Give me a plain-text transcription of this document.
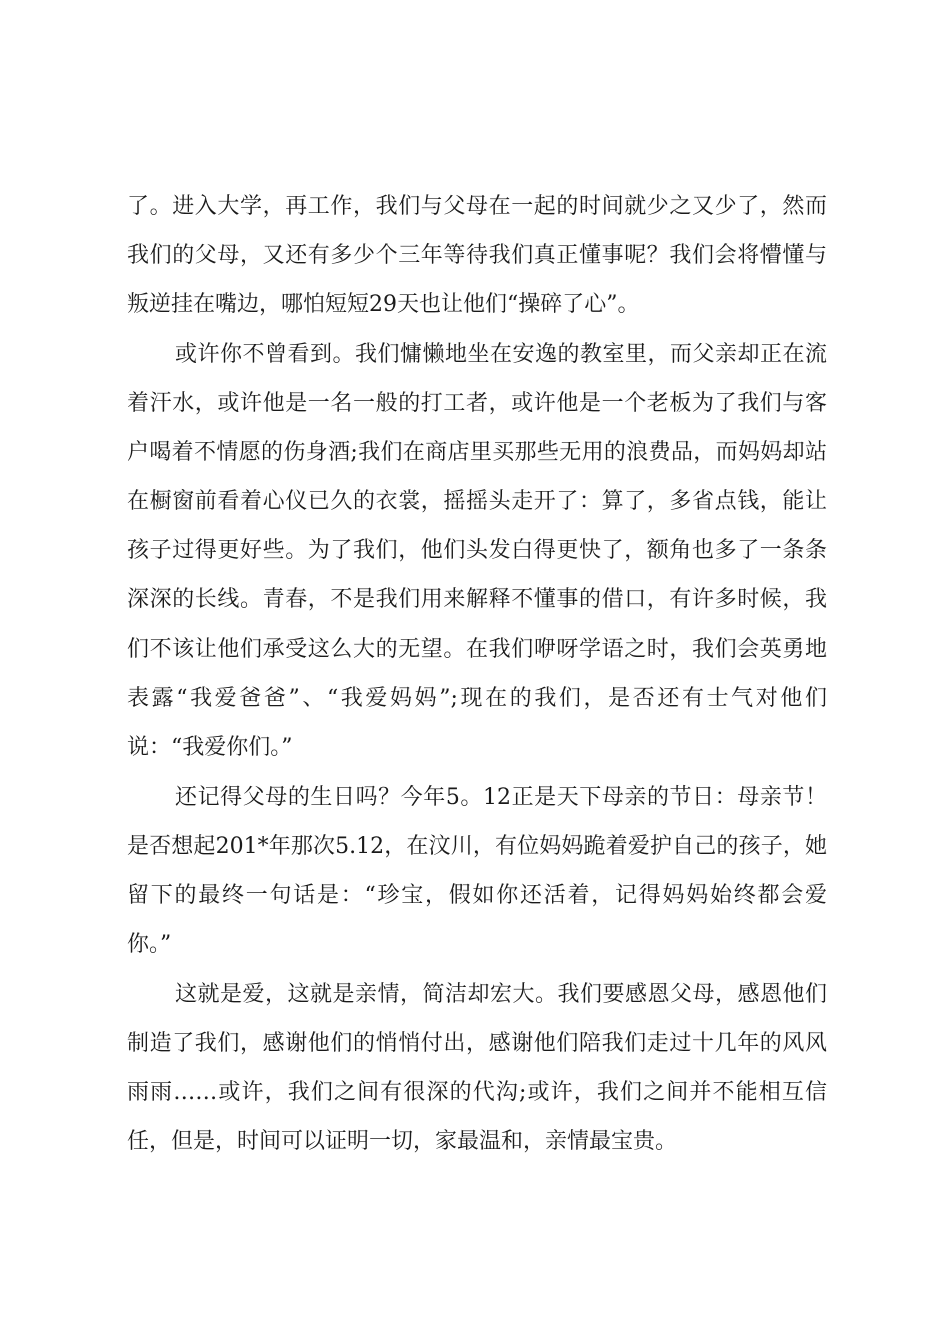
了。进入大学，再工作，我们与父母在一起的时间就少之又少了，然而
我们的父母，又还有多少个三年等待我们真正懂事呢？我们会将懵懂与
叛逆挂在嘴边，哪怕短短29天也让他们“操碎了心”。
或许你不曾看到。我们慵懒地坐在安逸的教室里，而父亲却正在流
着汗水，或许他是一名一般的打工者，或许他是一个老板为了我们与客
户喝着不情愿的伤身酒;我们在商店里买那些无用的浪费品，而妈妈却站
在橱窗前看着心仪已久的衣裳，摇摇头走开了：算了，多省点钱，能让
孩子过得更好些。为了我们，他们头发白得更快了，额角也多了一条条
深深的长线。青春，不是我们用来解释不懂事的借口，有许多时候，我
们不该让他们承受这么大的无望。在我们咿呀学语之时，我们会英勇地
表露“我爱爸爸”、“我爱妈妈”;现在的我们，是否还有士气对他们
说：“我爱你们。”
还记得父母的生日吗？今年5。12正是天下母亲的节日：母亲节！
是否想起201*年那次5.12，在汶川，有位妈妈跪着爱护自己的孩子，她
留下的最终一句话是：“珍宝，假如你还活着，记得妈妈始终都会爱
你。”
这就是爱，这就是亲情，简洁却宏大。我们要感恩父母，感恩他们
制造了我们，感谢他们的悄悄付出，感谢他们陪我们走过十几年的风风
雨雨……或许，我们之间有很深的代沟;或许，我们之间并不能相互信
任，但是，时间可以证明一切，家最温和，亲情最宝贵。
